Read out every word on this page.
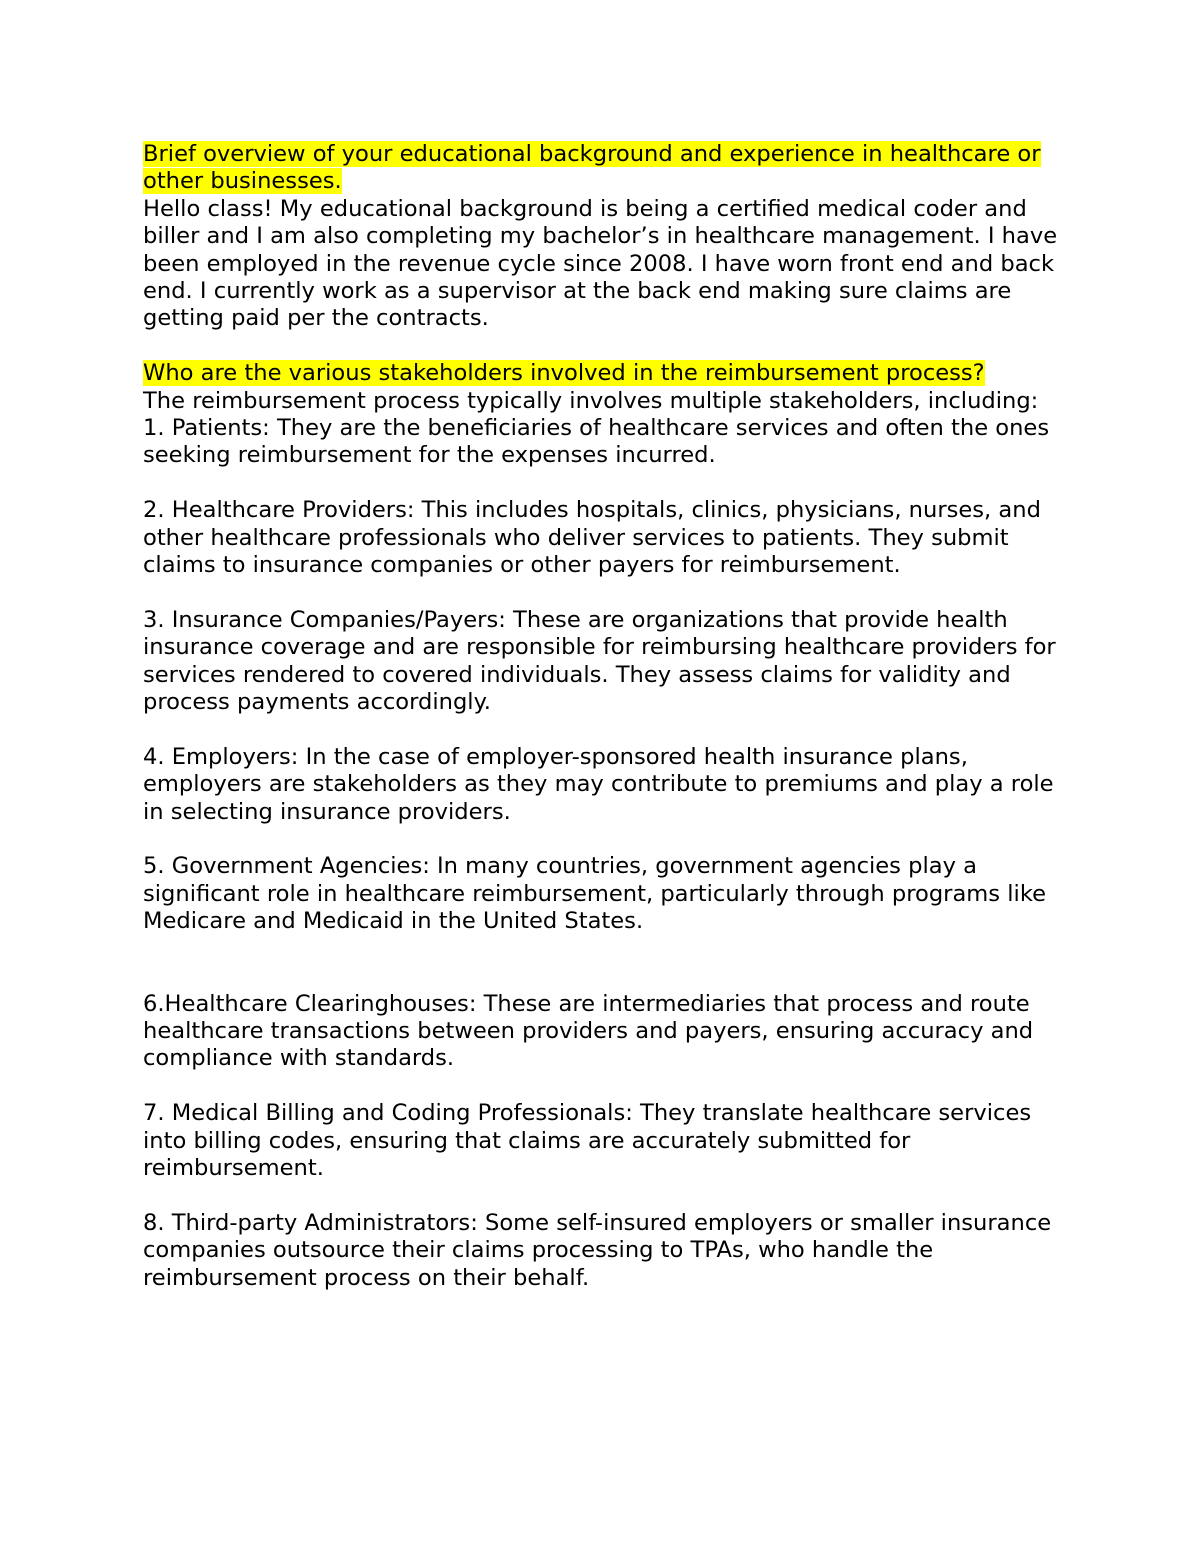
Brief overview of your educational background and experience in healthcare or other businesses.

Hello class! My educational background is being a certified medical coder and biller and I am also completing my bachelor’s in healthcare management. I have been employed in the revenue cycle since 2008. I have worn front end and back end. I currently work as a supervisor at the back end making sure claims are getting paid per the contracts.

Who are the various stakeholders involved in the reimbursement process?

The reimbursement process typically involves multiple stakeholders, including:

1. Patients: They are the beneficiaries of healthcare services and often the ones seeking reimbursement for the expenses incurred.

2. Healthcare Providers: This includes hospitals, clinics, physicians, nurses, and other healthcare professionals who deliver services to patients. They submit claims to insurance companies or other payers for reimbursement.

3. Insurance Companies/Payers: These are organizations that provide health insurance coverage and are responsible for reimbursing healthcare providers for services rendered to covered individuals. They assess claims for validity and process payments accordingly.

4. Employers: In the case of employer-sponsored health insurance plans, employers are stakeholders as they may contribute to premiums and play a role in selecting insurance providers.

5. Government Agencies: In many countries, government agencies play a significant role in healthcare reimbursement, particularly through programs like Medicare and Medicaid in the United States.

6.Healthcare Clearinghouses: These are intermediaries that process and route healthcare transactions between providers and payers, ensuring accuracy and compliance with standards.

7. Medical Billing and Coding Professionals: They translate healthcare services into billing codes, ensuring that claims are accurately submitted for reimbursement.

8. Third-party Administrators: Some self-insured employers or smaller insurance companies outsource their claims processing to TPAs, who handle the reimbursement process on their behalf.
